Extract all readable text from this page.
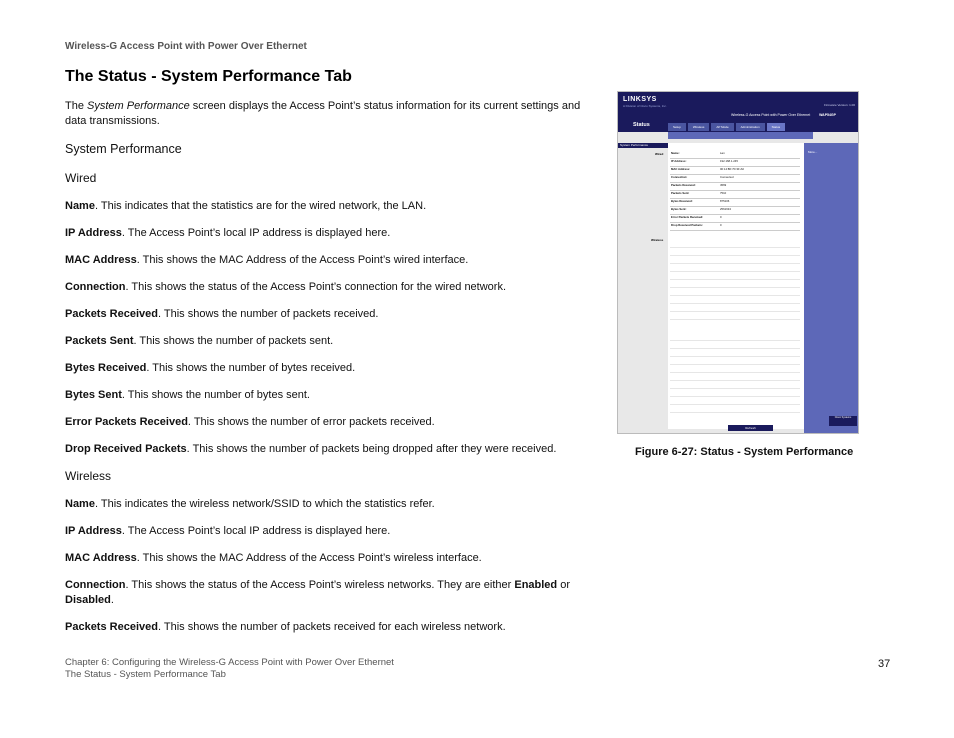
Wireless-G Access Point with Power Over Ethernet
The Status - System Performance Tab

The System Performance screen displays the Access Point’s status information for its current settings and data transmissions.

System Performance

Wired

Name. This indicates that the statistics are for the wired network, the LAN.

IP Address. The Access Point’s local IP address is displayed here.

MAC Address. This shows the MAC Address of the Access Point’s wired interface.

Connection. This shows the status of the Access Point’s connection for the wired network.

Packets Received. This shows the number of packets received.

Packets Sent. This shows the number of packets sent.

Bytes Received. This shows the number of bytes received.

Bytes Sent. This shows the number of bytes sent.

Error Packets Received. This shows the number of error packets received.

Drop Received Packets. This shows the number of packets being dropped after they were received.

Wireless

Name. This indicates the wireless network/SSID to which the statistics refer.

IP Address. The Access Point’s local IP address is displayed here.

MAC Address. This shows the MAC Address of the Access Point’s wireless interface.

Connection. This shows the status of the Access Point’s wireless networks. They are either Enabled or Disabled.

Packets Received. This shows the number of packets received for each wireless network.

LINKSYS
A Division of Cisco Systems, Inc.	Firmware Version: 1.00
Status
Wireless-G Access Point with Power Over Ethernet	WAP54GP
Setup	Wireless	AP Mode	Administration	Status
System Performance
Wired
Wireless
Name:	Lan
IP Address:	192.168.1.245
MAC Address:	00:14:BF:7D:3F:A0
Connection:	Connected
Packets Received:	4569
Packets Sent:	7510
Bytes Received:	875106
Bytes Sent:	2561634
Error Packets Received:	0
Drop Received Packets:	0
More...
Refresh
Cisco Systems
Figure 6-27: Status - System Performance
Chapter 6: Configuring the Wireless-G Access Point with Power Over Ethernet
The Status - System Performance Tab
37
